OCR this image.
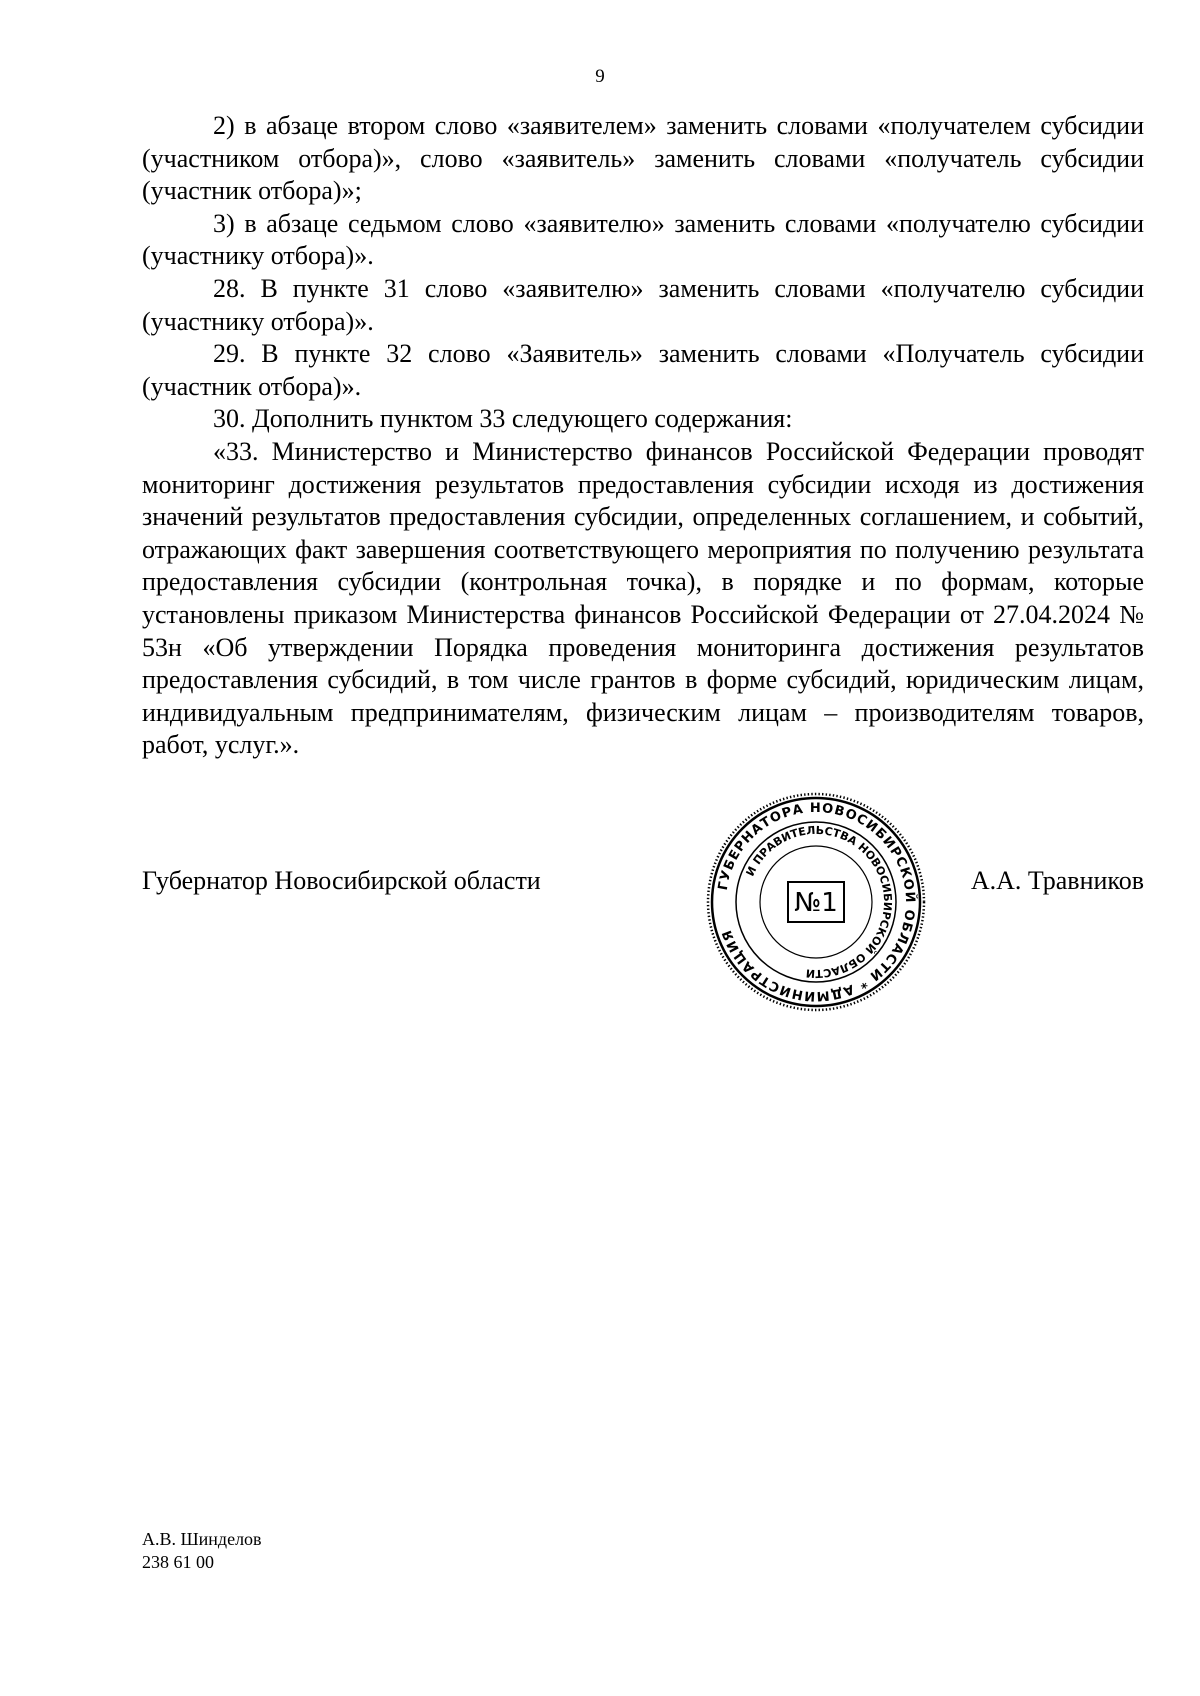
9

2) в абзаце втором слово «заявителем» заменить словами «получателем субсидии (участником отбора)», слово «заявитель» заменить словами «получатель субсидии (участник отбора)»;

3) в абзаце седьмом слово «заявителю» заменить словами «получателю субсидии (участнику отбора)».

28. В пункте 31 слово «заявителю» заменить словами «получателю субсидии (участнику отбора)».

29. В пункте 32 слово «Заявитель» заменить словами «Получатель субсидии (участник отбора)».

30. Дополнить пунктом 33 следующего содержания:

«33. Министерство и Министерство финансов Российской Федерации проводят мониторинг достижения результатов предоставления субсидии исходя из достижения значений результатов предоставления субсидии, определенных соглашением, и событий, отражающих факт завершения соответствующего мероприятия по получению результата предоставления субсидии (контрольная точка), в порядке и по формам, которые установлены приказом Министерства финансов Российской Федерации от 27.04.2024 № 53н «Об утверждении Порядка проведения мониторинга достижения результатов предоставления субсидий, в том числе грантов в форме субсидий, юридическим лицам, индивидуальным предпринимателям, физическим лицам – производителям товаров, работ, услуг.».

Губернатор Новосибирской области	ГУБЕРНАТОРА НОВОСИБИРСКОЙ ОБЛАСТИ * АДМИНИСТРАЦИЯ
И ПРАВИТЕЛЬСТВА НОВОСИБИРСКОЙ ОБЛАСТИ
№1
А.А. Травников
А.В. Шинделов
238 61 00
